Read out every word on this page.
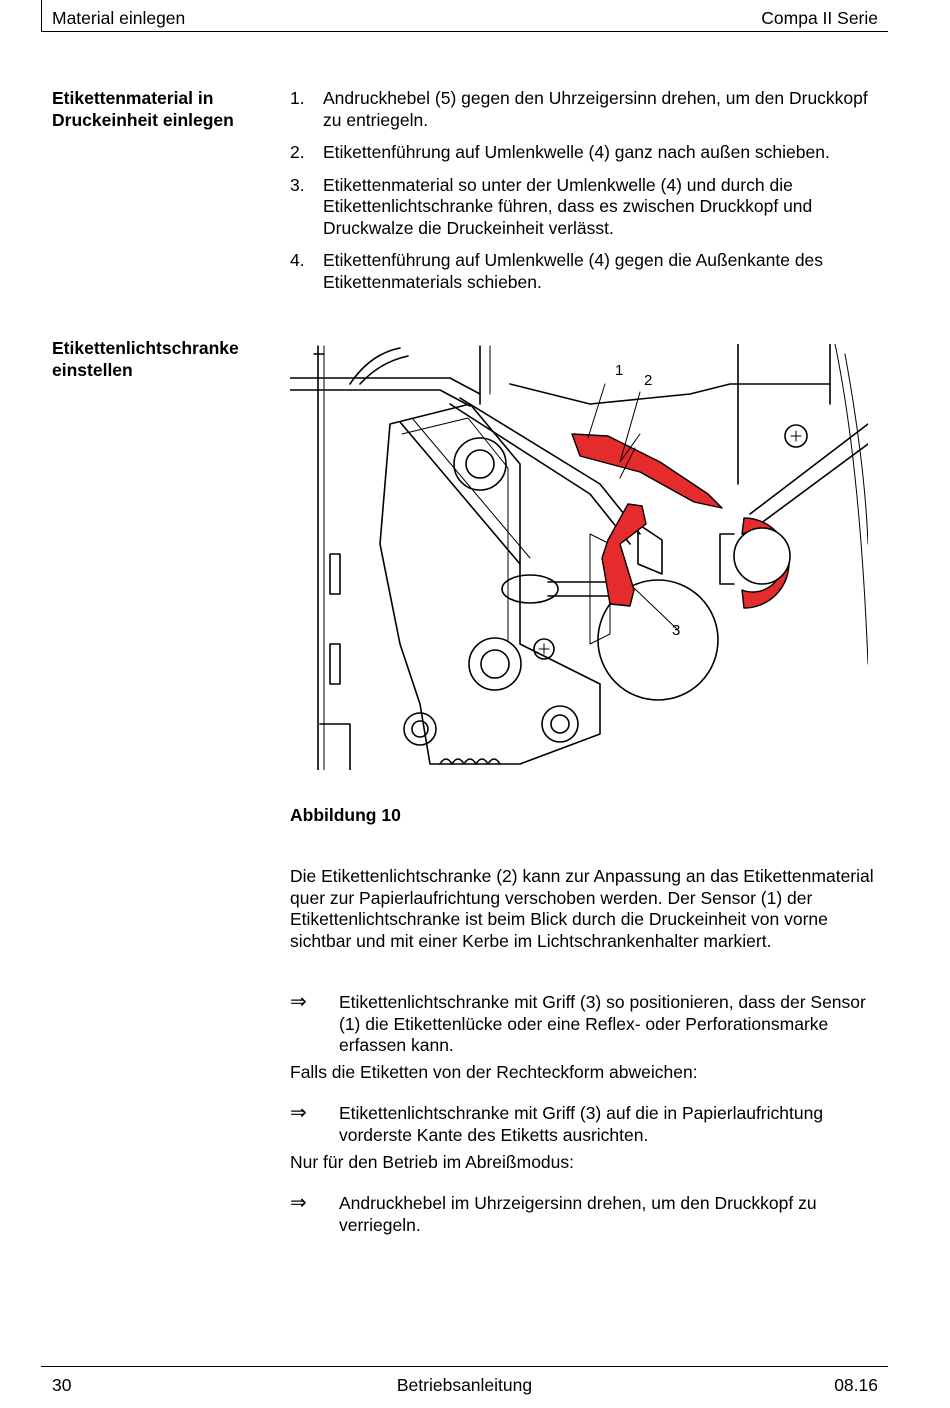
Material einlegen	Compa II Serie
Etikettenmaterial in Druckeinheit einlegen
1. Andruckhebel (5) gegen den Uhrzeigersinn drehen, um den Druckkopf zu entriegeln.
2. Etikettenführung auf Umlenkwelle (4) ganz nach außen schieben.
3. Etikettenmaterial so unter der Umlenkwelle (4) und durch die Etikettenlichtschranke führen, dass es zwischen Druckkopf und Druckwalze die Druckeinheit verlässt.
4. Etikettenführung auf Umlenkwelle (4) gegen die Außenkante des Etikettenmaterials schieben.
Etikettenlichtschranke einstellen	1
2
3
Abbildung 10
Die Etikettenlichtschranke (2) kann zur Anpassung an das Etikettenmaterial quer zur Papierlaufrichtung verschoben werden. Der Sensor (1) der Etikettenlichtschranke ist beim Blick durch die Druckeinheit von vorne sichtbar und mit einer Kerbe im Lichtschrankenhalter markiert.
⇒ Etikettenlichtschranke mit Griff (3) so positionieren, dass der Sensor (1) die Etikettenlücke oder eine Reflex- oder Perforationsmarke erfassen kann.
Falls die Etiketten von der Rechteckform abweichen:
⇒ Etikettenlichtschranke mit Griff (3) auf die in Papierlaufrichtung vorderste Kante des Etiketts ausrichten.
Nur für den Betrieb im Abreißmodus:
⇒ Andruckhebel im Uhrzeigersinn drehen, um den Druckkopf zu verriegeln.
Betriebsanleitung
30	08.16
